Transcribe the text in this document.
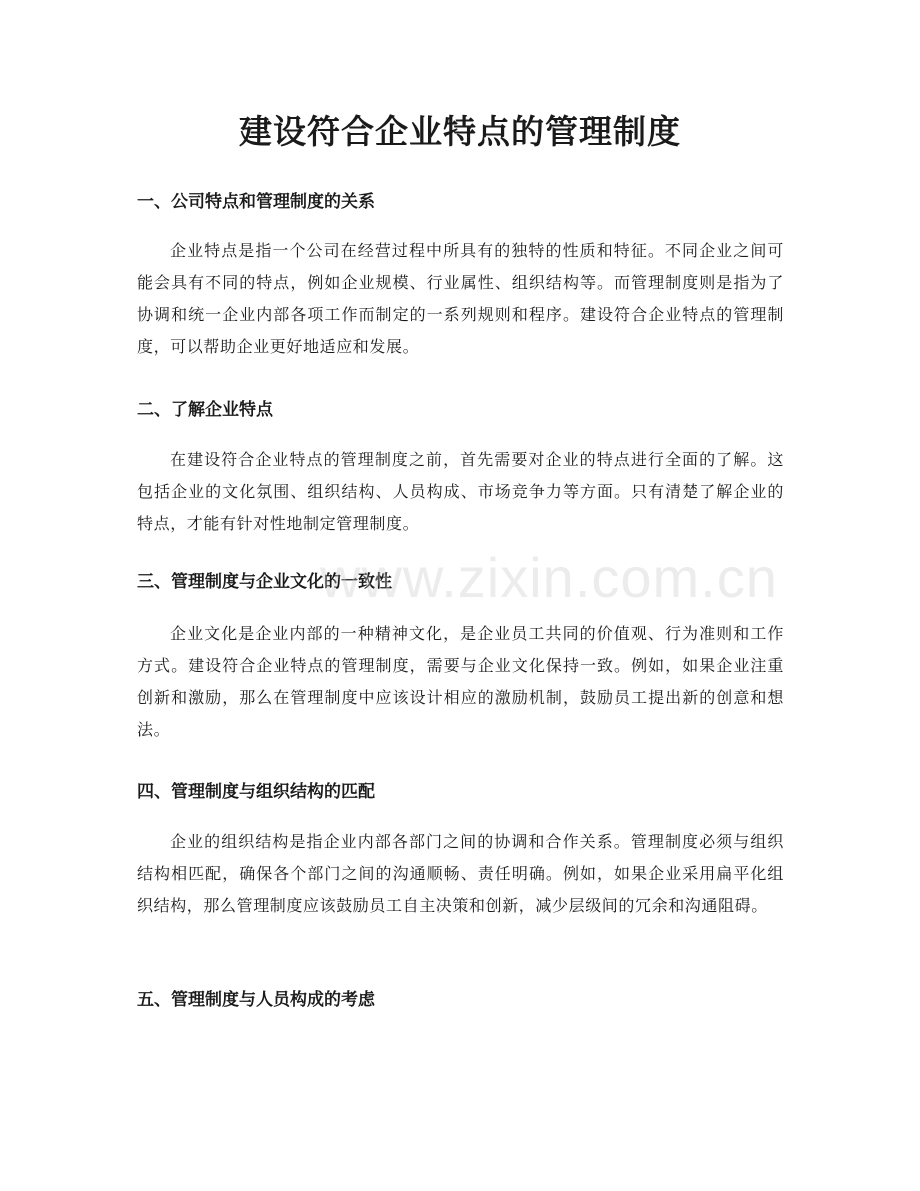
建设符合企业特点的管理制度
一、公司特点和管理制度的关系

企业特点是指一个公司在经营过程中所具有的独特的性质和特征。不同企业之间可能会具有不同的特点，例如企业规模、行业属性、组织结构等。而管理制度则是指为了协调和统一企业内部各项工作而制定的一系列规则和程序。建设符合企业特点的管理制度，可以帮助企业更好地适应和发展。

二、了解企业特点

在建设符合企业特点的管理制度之前，首先需要对企业的特点进行全面的了解。这包括企业的文化氛围、组织结构、人员构成、市场竞争力等方面。只有清楚了解企业的特点，才能有针对性地制定管理制度。

三、管理制度与企业文化的一致性

企业文化是企业内部的一种精神文化，是企业员工共同的价值观、行为准则和工作方式。建设符合企业特点的管理制度，需要与企业文化保持一致。例如，如果企业注重创新和激励，那么在管理制度中应该设计相应的激励机制，鼓励员工提出新的创意和想法。

四、管理制度与组织结构的匹配

企业的组织结构是指企业内部各部门之间的协调和合作关系。管理制度必须与组织结构相匹配，确保各个部门之间的沟通顺畅、责任明确。例如，如果企业采用扁平化组织结构，那么管理制度应该鼓励员工自主决策和创新，减少层级间的冗余和沟通阻碍。

五、管理制度与人员构成的考虑
www.zixin.com.cn
